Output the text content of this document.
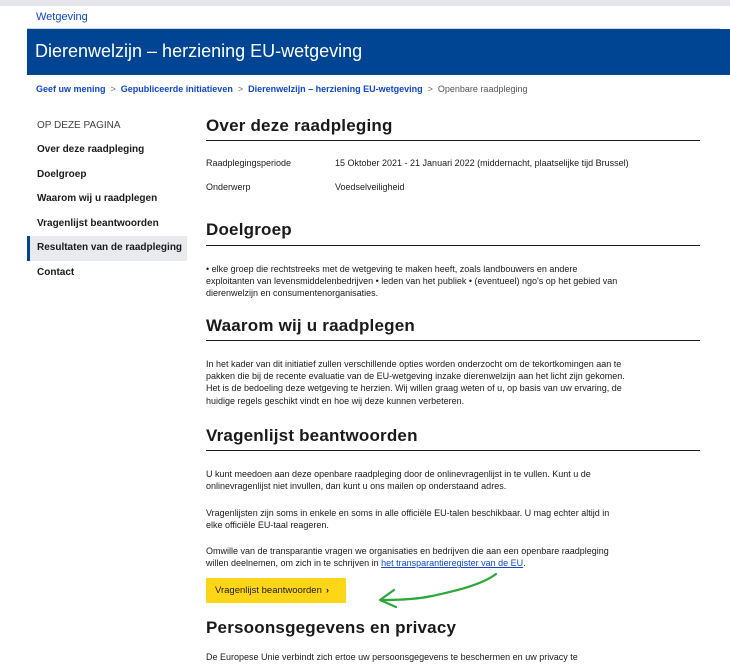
Wetgeving
Dierenwelzijn – herziening EU-wetgeving
Geef uw mening > Gepubliceerde initiatieven > Dierenwelzijn – herziening EU-wetgeving > Openbare raadpleging
OP DEZE PAGINA
Over deze raadpleging
Doelgroep
Waarom wij u raadplegen
Vragenlijst beantwoorden
Resultaten van de raadpleging
Contact
Over deze raadpleging
Raadplegingsperiode	15 Oktober 2021 - 21 Januari 2022 (middernacht, plaatselijke tijd Brussel)
Onderwerp	Voedselveiligheid
Doelgroep
• elke groep die rechtstreeks met de wetgeving te maken heeft, zoals landbouwers en andere exploitanten van levensmiddelenbedrijven • leden van het publiek • (eventueel) ngo's op het gebied van dierenwelzijn en consumentenorganisaties.
Waarom wij u raadplegen
In het kader van dit initiatief zullen verschillende opties worden onderzocht om de tekortkomingen aan te pakken die bij de recente evaluatie van de EU-wetgeving inzake dierenwelzijn aan het licht zijn gekomen. Het is de bedoeling deze wetgeving te herzien. Wij willen graag weten of u, op basis van uw ervaring, de huidige regels geschikt vindt en hoe wij deze kunnen verbeteren.
Vragenlijst beantwoorden
U kunt meedoen aan deze openbare raadpleging door de onlinevragenlijst in te vullen. Kunt u de onlinevragenlijst niet invullen, dan kunt u ons mailen op onderstaand adres.
Vragenlijsten zijn soms in enkele en soms in alle officiële EU-talen beschikbaar. U mag echter altijd in elke officiële EU-taal reageren.
Omwille van de transparantie vragen we organisaties en bedrijven die aan een openbare raadpleging willen deelnemen, om zich in te schrijven in het transparantieregister van de EU.
Persoonsgegevens en privacy
De Europese Unie verbindt zich ertoe uw persoonsgegevens te beschermen en uw privacy te
Vragenlijst beantwoorden ›
